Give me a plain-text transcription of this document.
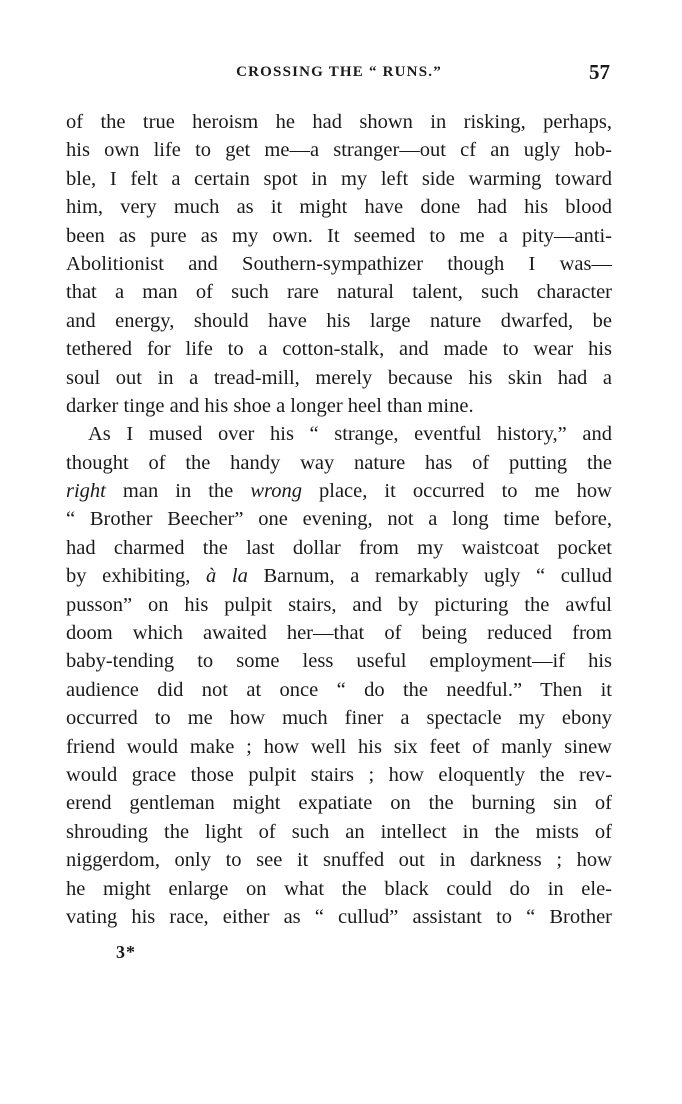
CROSSING THE “ RUNS.”	57
of the true heroism he had shown in risking, perhaps,
his own life to get me—a stranger—out cf an ugly hob-
ble, I felt a certain spot in my left side warming toward
him, very much as it might have done had his blood
been as pure as my own. It seemed to me a pity—anti-
Abolitionist and Southern-sympathizer though I was—
that a man of such rare natural talent, such character
and energy, should have his large nature dwarfed, be
tethered for life to a cotton-stalk, and made to wear his
soul out in a tread-mill, merely because his skin had a
darker tinge and his shoe a longer heel than mine.
As I mused over his “ strange, eventful history,” and
thought of the handy way nature has of putting the
right man in the wrong place, it occurred to me how
“ Brother Beecher” one evening, not a long time before,
had charmed the last dollar from my waistcoat pocket
by exhibiting, à la Barnum, a remarkably ugly “ cullud
pusson” on his pulpit stairs, and by picturing the awful
doom which awaited her—that of being reduced from
baby-tending to some less useful employment—if his
audience did not at once “ do the needful.” Then it
occurred to me how much finer a spectacle my ebony
friend would make ; how well his six feet of manly sinew
would grace those pulpit stairs ; how eloquently the rev-
erend gentleman might expatiate on the burning sin of
shrouding the light of such an intellect in the mists of
niggerdom, only to see it snuffed out in darkness ; how
he might enlarge on what the black could do in ele-
vating his race, either as “ cullud” assistant to “ Brother
3*
